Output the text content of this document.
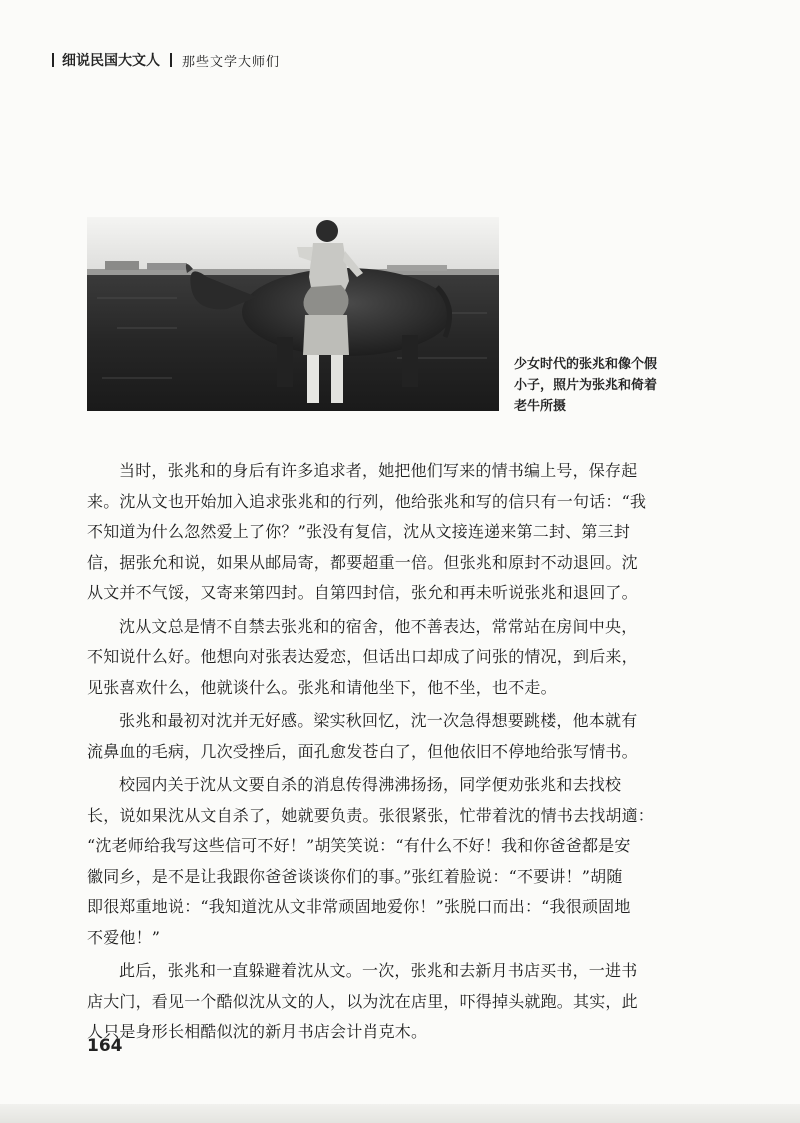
细说民国大文人 那些文学大师们
少女时代的张兆和像个假
小子，照片为张兆和倚着
老牛所摄
当时，张兆和的身后有许多追求者，她把他们写来的情书编上号，保存起
来。沈从文也开始加入追求张兆和的行列，他给张兆和写的信只有一句话：“我
不知道为什么忽然爱上了你？”张没有复信，沈从文接连递来第二封、第三封
信，据张允和说，如果从邮局寄，都要超重一倍。但张兆和原封不动退回。沈
从文并不气馁，又寄来第四封。自第四封信，张允和再未听说张兆和退回了。
沈从文总是情不自禁去张兆和的宿舍，他不善表达，常常站在房间中央，
不知说什么好。他想向对张表达爱恋，但话出口却成了问张的情况，到后来，
见张喜欢什么，他就谈什么。张兆和请他坐下，他不坐，也不走。
张兆和最初对沈并无好感。梁实秋回忆，沈一次急得想要跳楼，他本就有
流鼻血的毛病，几次受挫后，面孔愈发苍白了，但他依旧不停地给张写情书。
校园内关于沈从文要自杀的消息传得沸沸扬扬，同学便劝张兆和去找校
长，说如果沈从文自杀了，她就要负责。张很紧张，忙带着沈的情书去找胡適：
“沈老师给我写这些信可不好！”胡笑笑说：“有什么不好！我和你爸爸都是安
徽同乡，是不是让我跟你爸爸谈谈你们的事。”张红着脸说：“不要讲！”胡随
即很郑重地说：“我知道沈从文非常顽固地爱你！”张脱口而出：“我很顽固地
不爱他！”
此后，张兆和一直躲避着沈从文。一次，张兆和去新月书店买书，一进书
店大门，看见一个酷似沈从文的人，以为沈在店里，吓得掉头就跑。其实，此
人只是身形长相酷似沈的新月书店会计肖克木。
164
